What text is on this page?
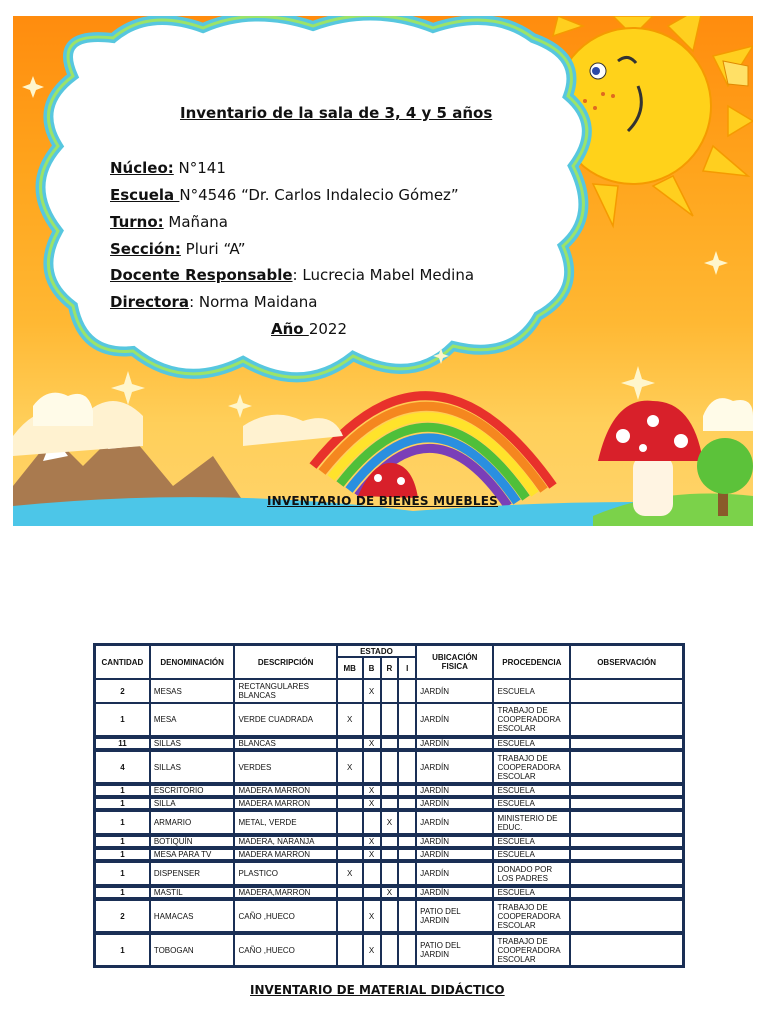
Inventario de la sala de 3, 4 y 5 años
Núcleo: N°141
Escuela N°4546 “Dr. Carlos Indalecio Gómez”
Turno: Mañana
Sección: Pluri “A”
Docente Responsable: Lucrecia Mabel Medina
Directora: Norma Maidana
Año 2022
INVENTARIO DE BIENES MUEBLES
CANTIDAD	DENOMINACIÓN	DESCRIPCIÓN	ESTADO				UBICACIÓN FISICA	PROCEDENCIA	OBSERVACIÓN
			MB	B	R	I			
2	MESAS	RECTANGULARES BLANCAS		X			JARDÍN	ESCUELA	
1	MESA	VERDE CUADRADA	X				JARDÍN	TRABAJO DE COOPERADORA ESCOLAR	
11	SILLAS	BLANCAS		X			JARDÍN	ESCUELA	
4	SILLAS	VERDES	X				JARDÍN	TRABAJO DE COOPERADORA ESCOLAR	
1	ESCRITORIO	MADERA MARRON		X			JARDÍN	ESCUELA	
1	SILLA	MADERA MARRON		X			JARDÍN	ESCUELA	
1	ARMARIO	METAL, VERDE			X		JARDÍN	MINISTERIO DE EDUC.	
1	BOTIQUÍN	MADERA, NARANJA		X			JARDÍN	ESCUELA	
1	MESA PARA TV	MADERA MARRON		X			JARDÍN	ESCUELA	
1	DISPENSER	PLASTICO	X				JARDÍN	DONADO POR LOS PADRES	
1	MASTIL	MADERA,MARRON			X		JARDÍN	ESCUELA	
2	HAMACAS	CAÑO ,HUECO		X			PATIO DEL JARDIN	TRABAJO DE COOPERADORA ESCOLAR	
1	TOBOGAN	CAÑO ,HUECO		X			PATIO DEL JARDIN	TRABAJO DE COOPERADORA ESCOLAR	
INVENTARIO DE MATERIAL DIDÁCTICO
